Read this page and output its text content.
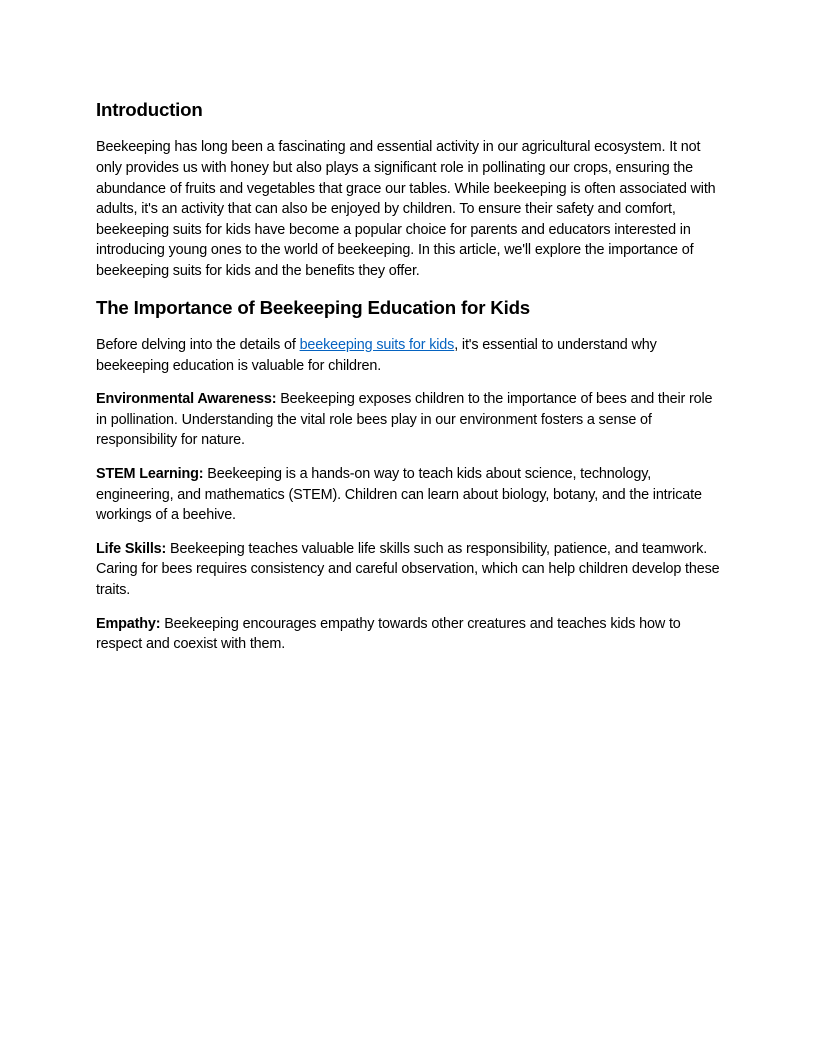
Introduction

Beekeeping has long been a fascinating and essential activity in our agricultural ecosystem. It not only provides us with honey but also plays a significant role in pollinating our crops, ensuring the abundance of fruits and vegetables that grace our tables. While beekeeping is often associated with adults, it's an activity that can also be enjoyed by children. To ensure their safety and comfort, beekeeping suits for kids have become a popular choice for parents and educators interested in introducing young ones to the world of beekeeping. In this article, we'll explore the importance of beekeeping suits for kids and the benefits they offer.

The Importance of Beekeeping Education for Kids

Before delving into the details of beekeeping suits for kids, it's essential to understand why beekeeping education is valuable for children.

Environmental Awareness: Beekeeping exposes children to the importance of bees and their role in pollination. Understanding the vital role bees play in our environment fosters a sense of responsibility for nature.

STEM Learning: Beekeeping is a hands-on way to teach kids about science, technology, engineering, and mathematics (STEM). Children can learn about biology, botany, and the intricate workings of a beehive.

Life Skills: Beekeeping teaches valuable life skills such as responsibility, patience, and teamwork. Caring for bees requires consistency and careful observation, which can help children develop these traits.

Empathy: Beekeeping encourages empathy towards other creatures and teaches kids how to respect and coexist with them.
